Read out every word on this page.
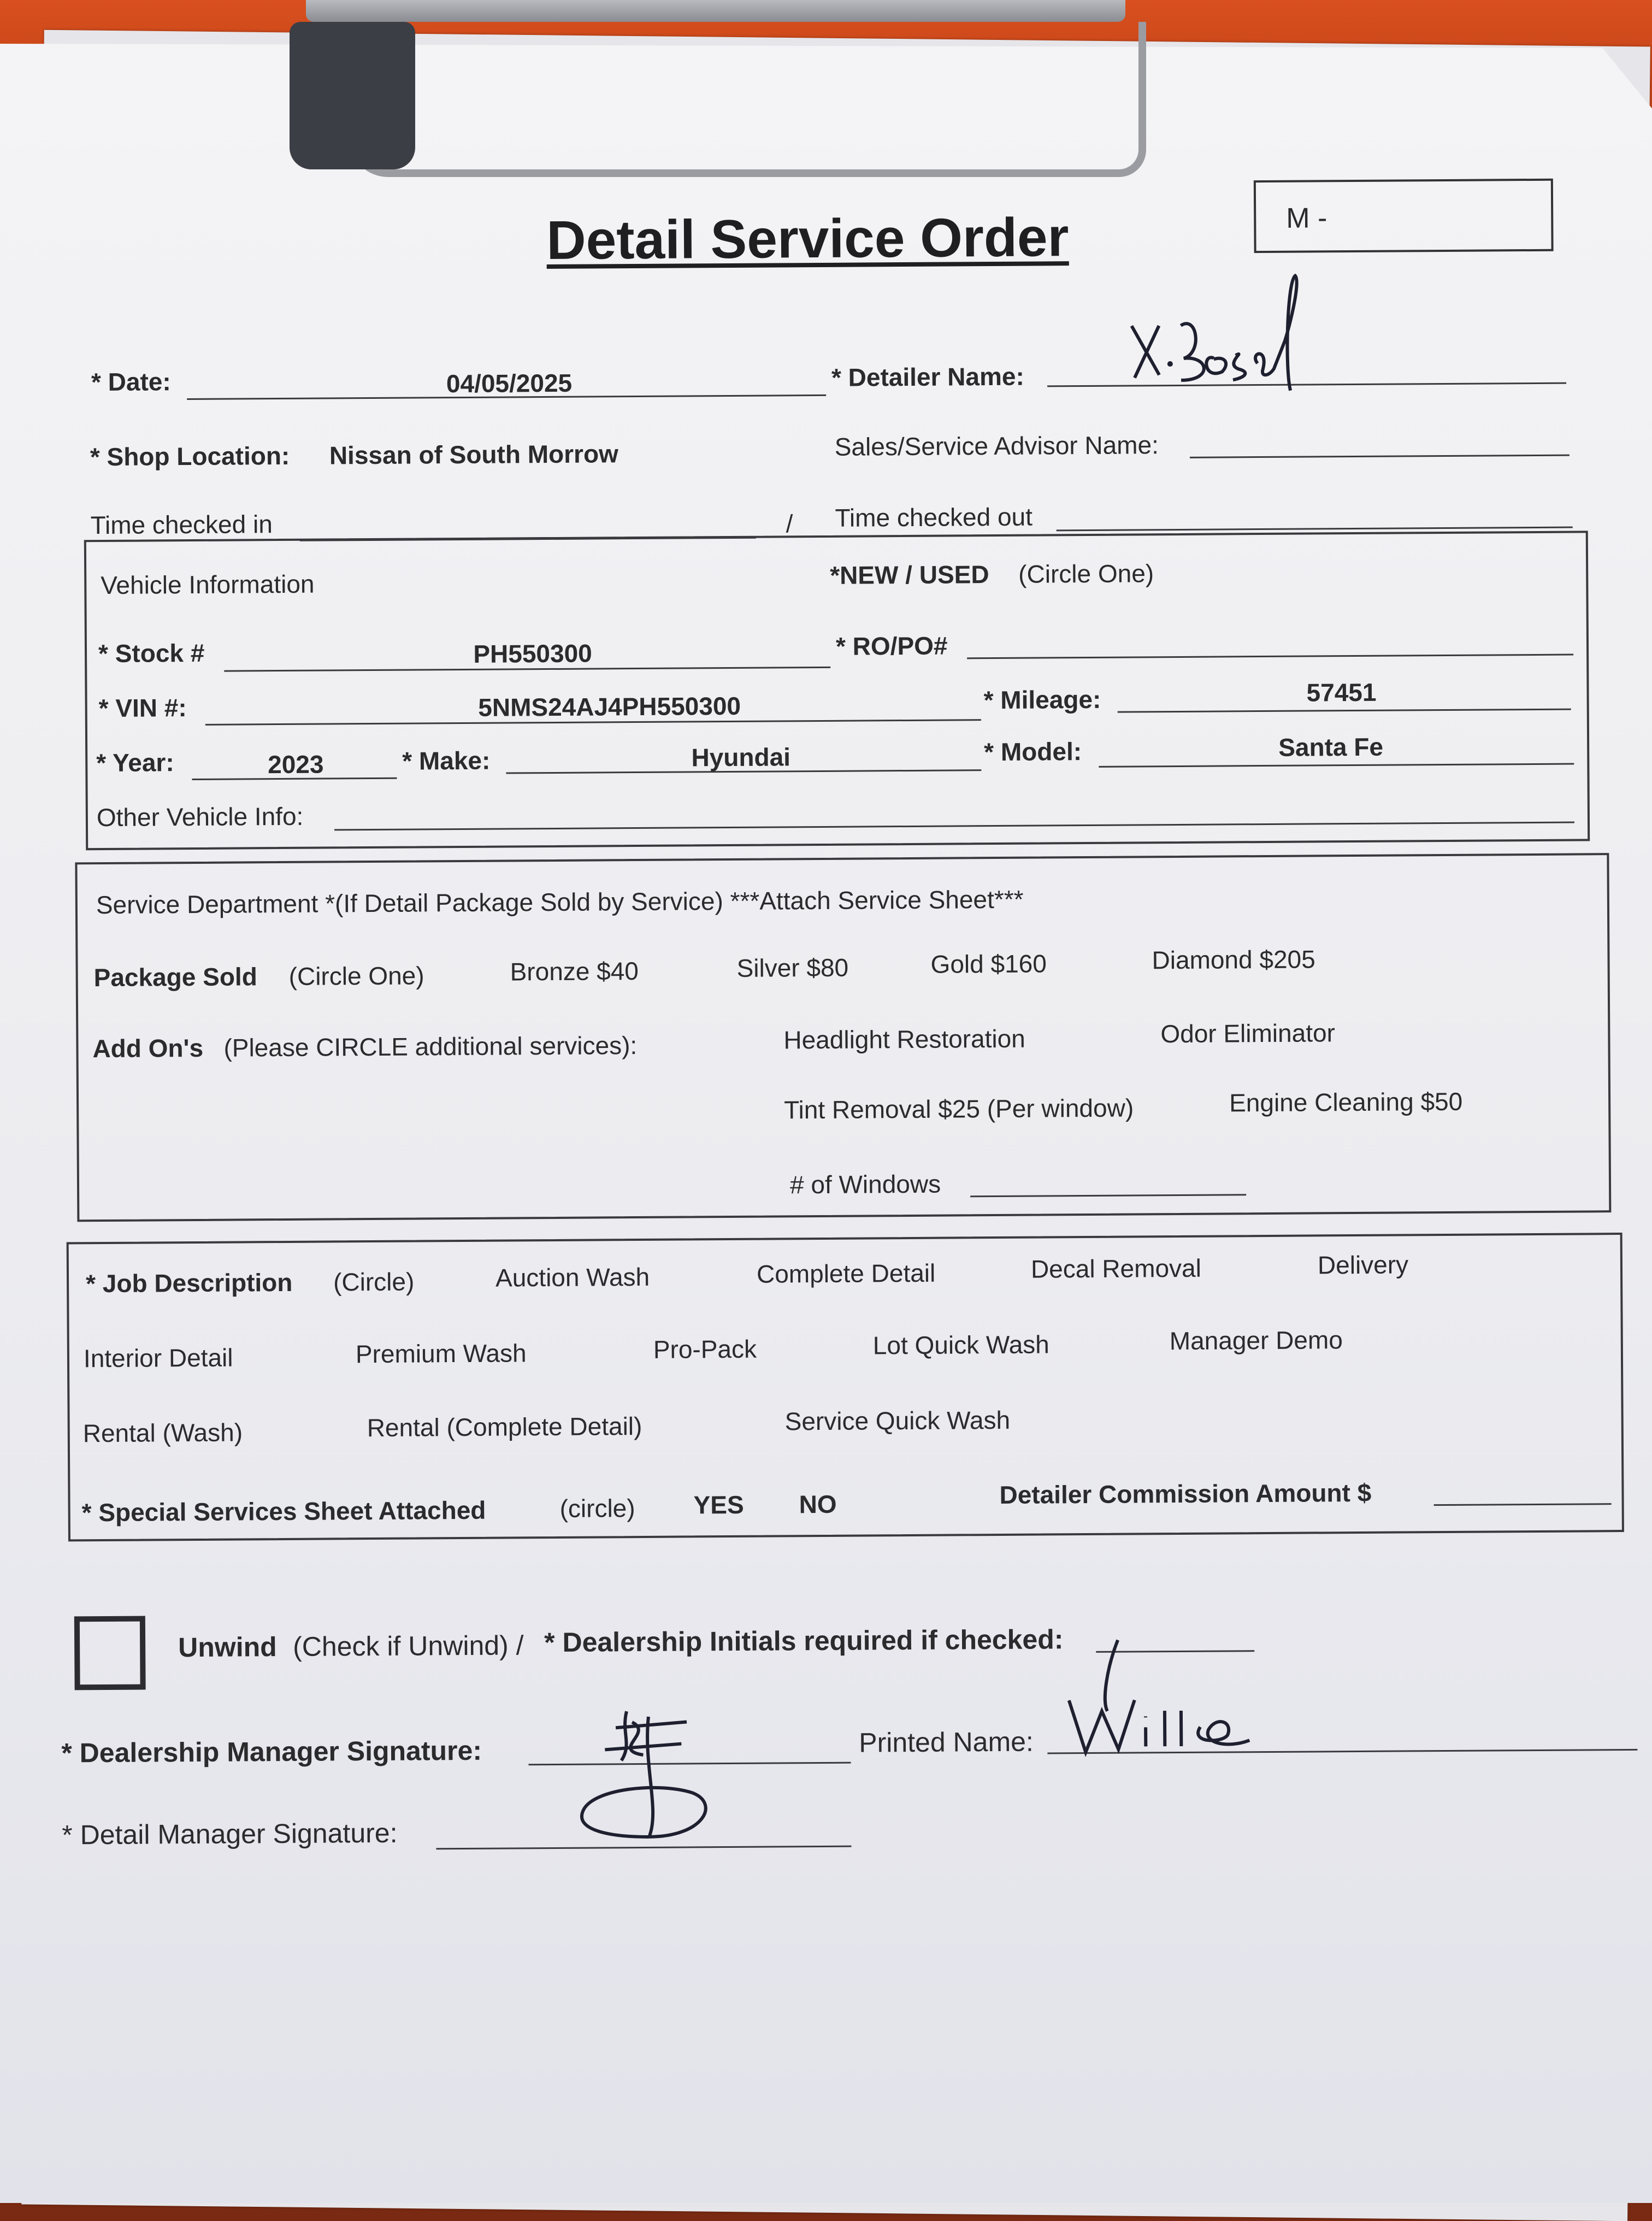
Detail Service Order	M -
* Date:	04/05/2025	* Detailer Name:
* Shop Location: Nissan of South Morrow	Sales/Service Advisor Name:
Time checked in	/ Time checked out
Vehicle Information	*NEW / USED (Circle One)
* Stock #	PH550300	* RO/PO#
* VIN #:	5NMS24AJ4PH550300	* Mileage:	57451
* Year:	2023	* Make:	Hyundai	* Model:	Santa Fe
Other Vehicle Info:
Service Department *(If Detail Package Sold by Service) ***Attach Service Sheet***
Package Sold (Circle One)	Bronze $40	Silver $80	Gold $160	Diamond $205
Add On's (Please CIRCLE additional services):	Headlight Restoration	Odor Eliminator
Tint Removal $25 (Per window)	Engine Cleaning $50
# of Windows
* Job Description (Circle)	Auction Wash	Complete Detail	Decal Removal	Delivery
Interior Detail	Premium Wash	Pro-Pack	Lot Quick Wash	Manager Demo
Rental (Wash)	Rental (Complete Detail)	Service Quick Wash
* Special Services Sheet Attached	(circle) YES NO	Detailer Commission Amount $
Unwind (Check if Unwind) / * Dealership Initials required if checked:
* Dealership Manager Signature:	Printed Name:
* Detail Manager Signature:
